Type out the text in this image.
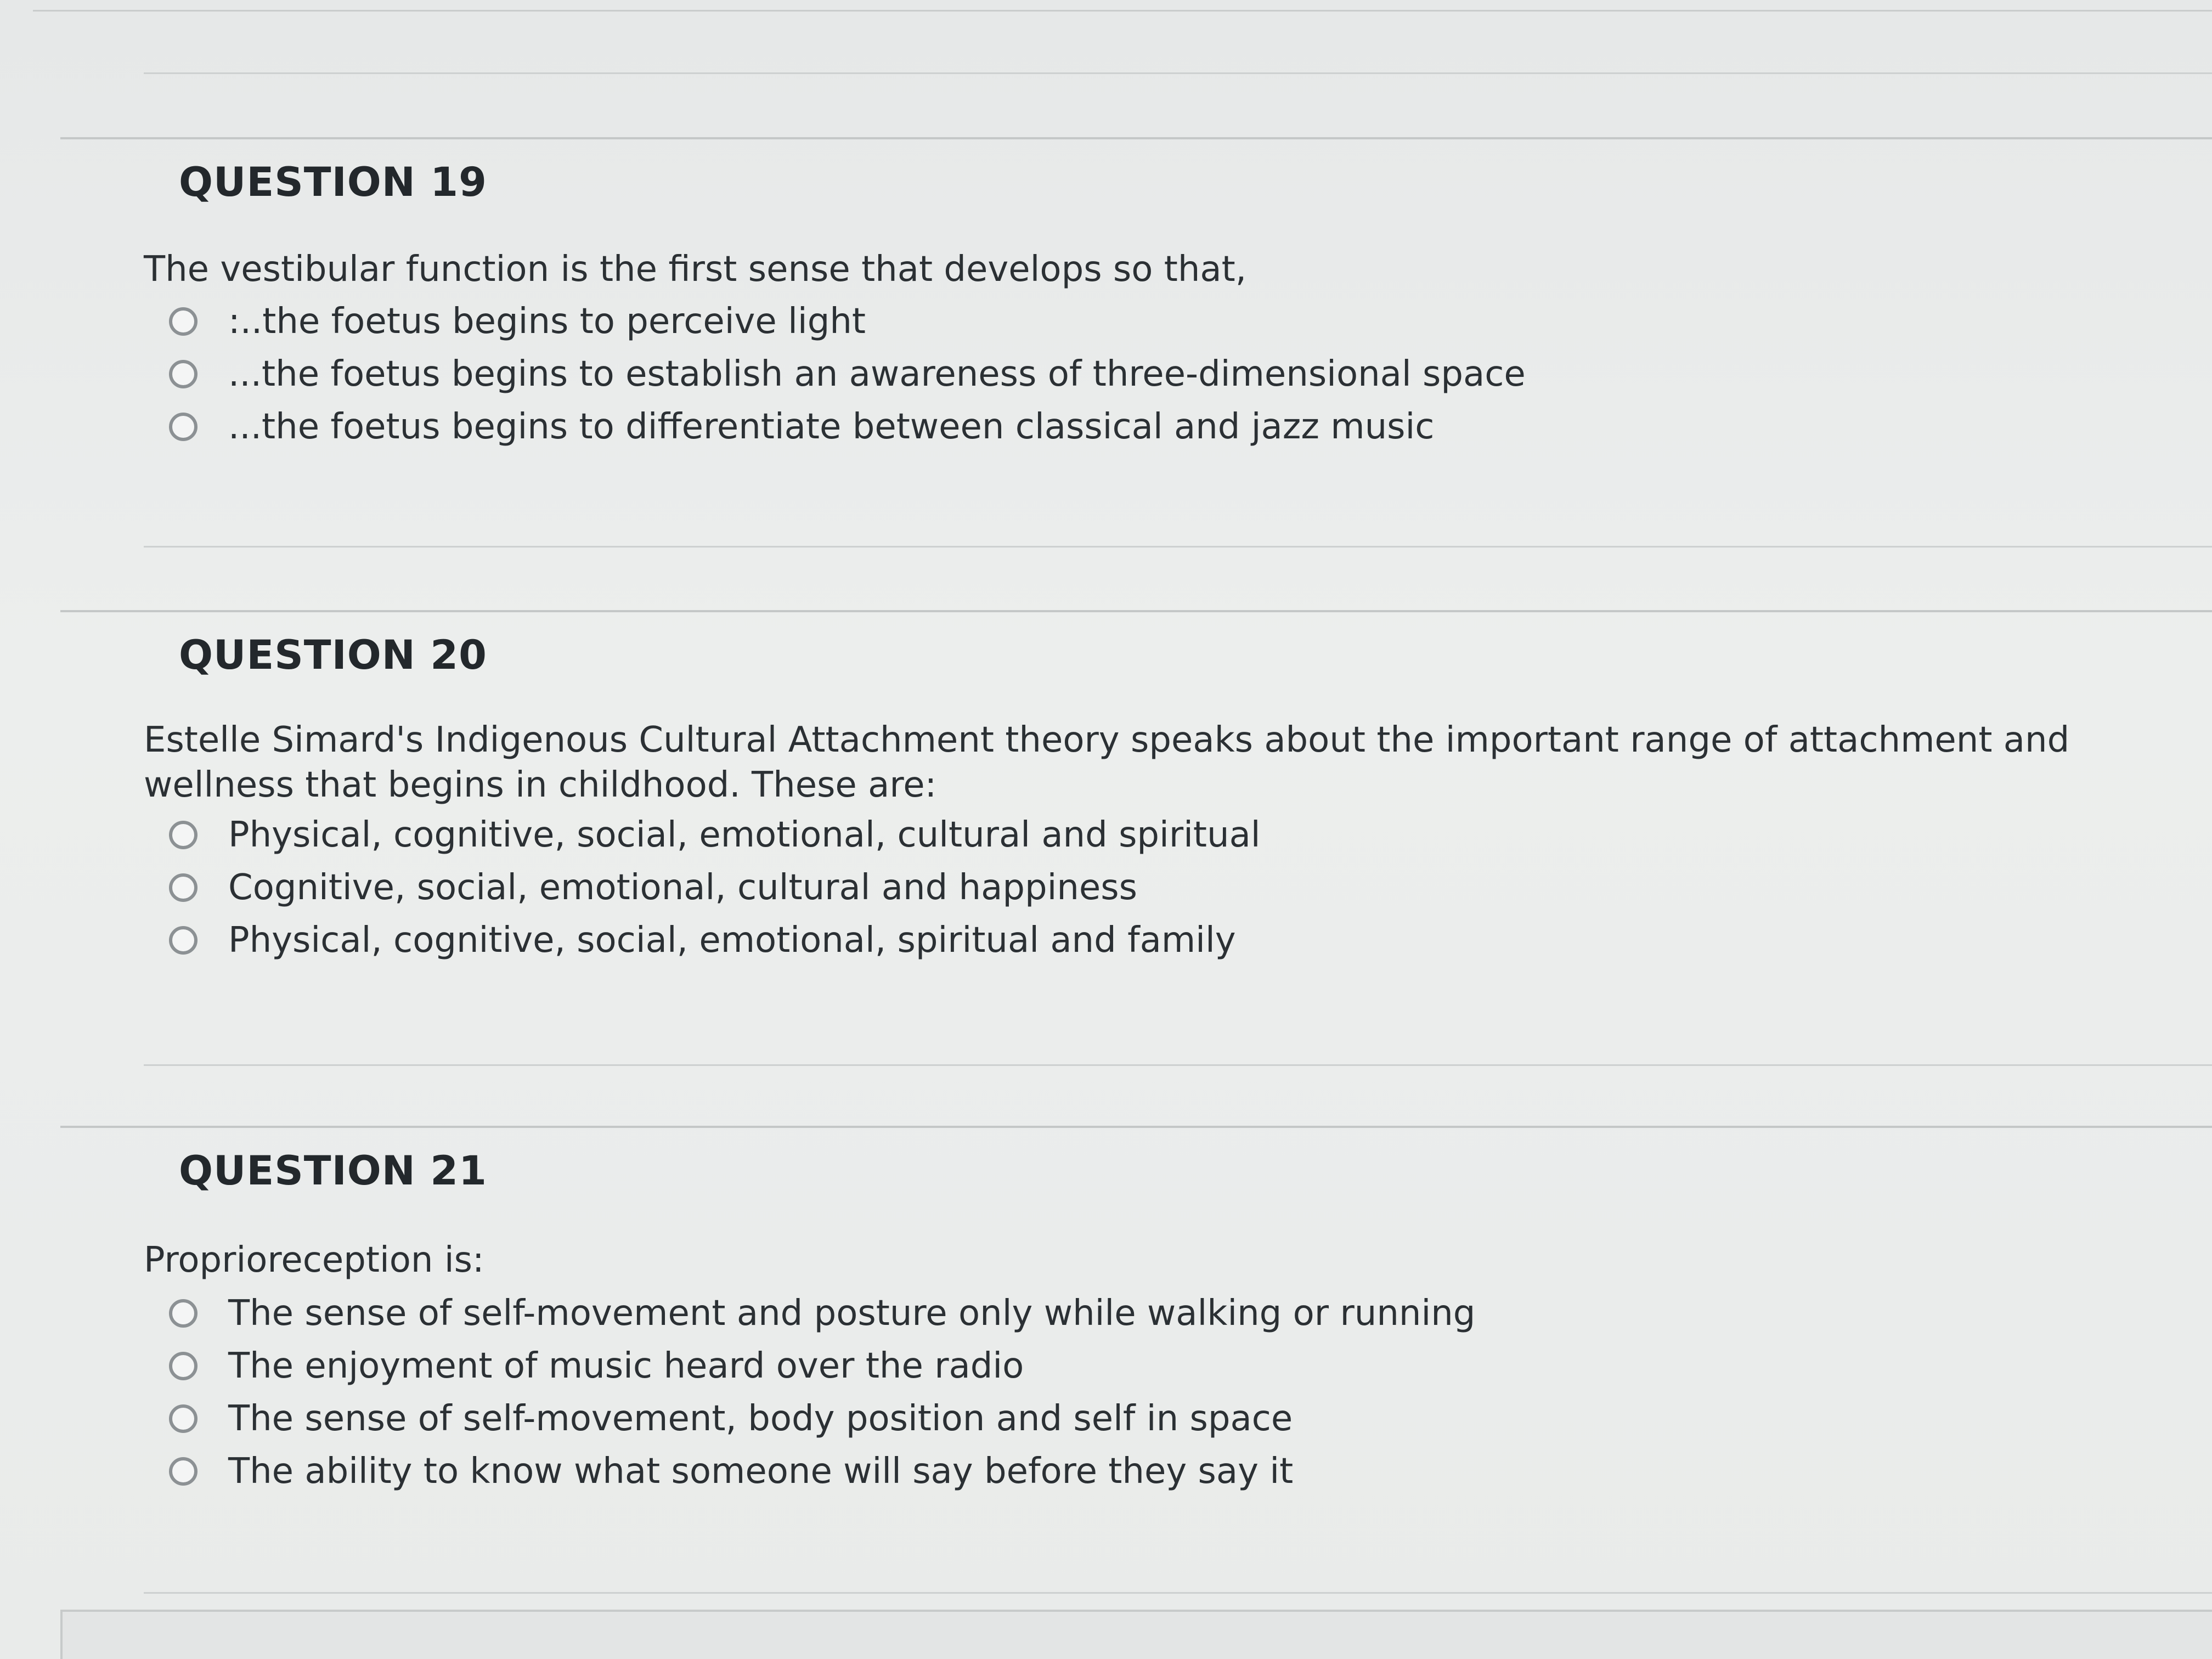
QUESTION 19
The vestibular function is the first sense that develops so that,
:..the foetus begins to perceive light
...the foetus begins to establish an awareness of three-dimensional space
...the foetus begins to differentiate between classical and jazz music
QUESTION 20
Estelle Simard's Indigenous Cultural Attachment theory speaks about the important range of attachment and wellness that begins in childhood. These are:
Physical, cognitive, social, emotional, cultural and spiritual
Cognitive, social, emotional, cultural and happiness
Physical, cognitive, social, emotional, spiritual and family
QUESTION 21
Proprioreception is:
The sense of self-movement and posture only while walking or running
The enjoyment of music heard over the radio
The sense of self-movement, body position and self in space
The ability to know what someone will say before they say it
